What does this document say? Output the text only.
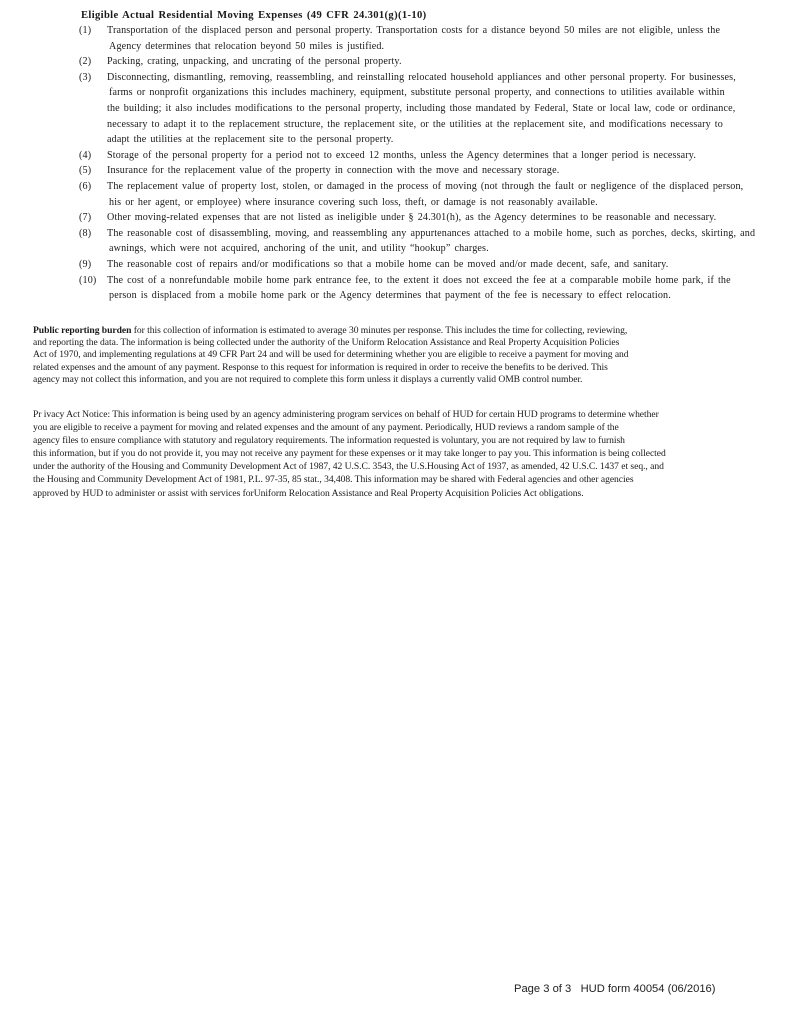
Eligible Actual Residential Moving Expenses (49 CFR 24.301(g)(1-10)
(1)	Transportation of the displaced person and personal property. Transportation costs for a distance beyond 50 miles are not eligible, unless the
Agency determines that relocation beyond 50 miles is justified.
(2)	Packing, crating, unpacking, and uncrating of the personal property.
(3)	Disconnecting, dismantling, removing, reassembling, and reinstalling relocated household appliances and other personal property. For businesses,
farms or nonprofit organizations this includes machinery, equipment, substitute personal property, and connections to utilities available within
the building; it also includes modifications to the personal property, including those mandated by Federal, State or local law, code or ordinance,
necessary to adapt it to the replacement structure, the replacement site, or the utilities at the replacement site, and modifications necessary to
adapt the utilities at the replacement site to the personal property.
(4)	Storage of the personal property for a period not to exceed 12 months, unless the Agency determines that a longer period is necessary.
(5)	Insurance for the replacement value of the property in connection with the move and necessary storage.
(6)	The replacement value of property lost, stolen, or damaged in the process of moving (not through the fault or negligence of the displaced person,
his or her agent, or employee) where insurance covering such loss, theft, or damage is not reasonably available.
(7)	Other moving-related expenses that are not listed as ineligible under § 24.301(h), as the Agency determines to be reasonable and necessary.
(8)	The reasonable cost of disassembling, moving, and reassembling any appurtenances attached to a mobile home, such as porches, decks, skirting, and
awnings, which were not acquired, anchoring of the unit, and utility “hookup” charges.
(9)	The reasonable cost of repairs and/or modifications so that a mobile home can be moved and/or made decent, safe, and sanitary.
(10)	The cost of a nonrefundable mobile home park entrance fee, to the extent it does not exceed the fee at a comparable mobile home park, if the
person is displaced from a mobile home park or the Agency determines that payment of the fee is necessary to effect relocation.
Public reporting burden for this collection of information is estimated to average 30 minutes per response. This includes the time for collecting, reviewing,
and reporting the data. The information is being collected under the authority of the Uniform Relocation Assistance and Real Property Acquisition Policies
Act of 1970, and implementing regulations at 49 CFR Part 24 and will be used for determining whether you are eligible to receive a payment for moving and
related expenses and the amount of any payment. Response to this request for information is required in order to receive the benefits to be derived. This
agency may not collect this information, and you are not required to complete this form unless it displays a currently valid OMB control number.
Pr ivacy Act Notice: This information is being used by an agency administering program services on behalf of HUD for certain HUD programs to determine whether
you are eligible to receive a payment for moving and related expenses and the amount of any payment. Periodically, HUD reviews a random sample of the
agency files to ensure compliance with statutory and regulatory requirements. The information requested is voluntary, you are not required by law to furnish
this information, but if you do not provide it, you may not receive any payment for these expenses or it may take longer to pay you. This information is being collected
under the authority of the Housing and Community Development Act of 1987, 42 U.S.C. 3543, the U.S.Housing Act of 1937, as amended, 42 U.S.C. 1437 et seq., and
the Housing and Community Development Act of 1981, P.L. 97-35, 85 stat., 34,408. This information may be shared with Federal agencies and other agencies
approved by HUD to administer or assist with services forUniform Relocation Assistance and Real Property Acquisition Policies Act obligations.
Page 3 of 3 HUD form 40054 (06/2016)
